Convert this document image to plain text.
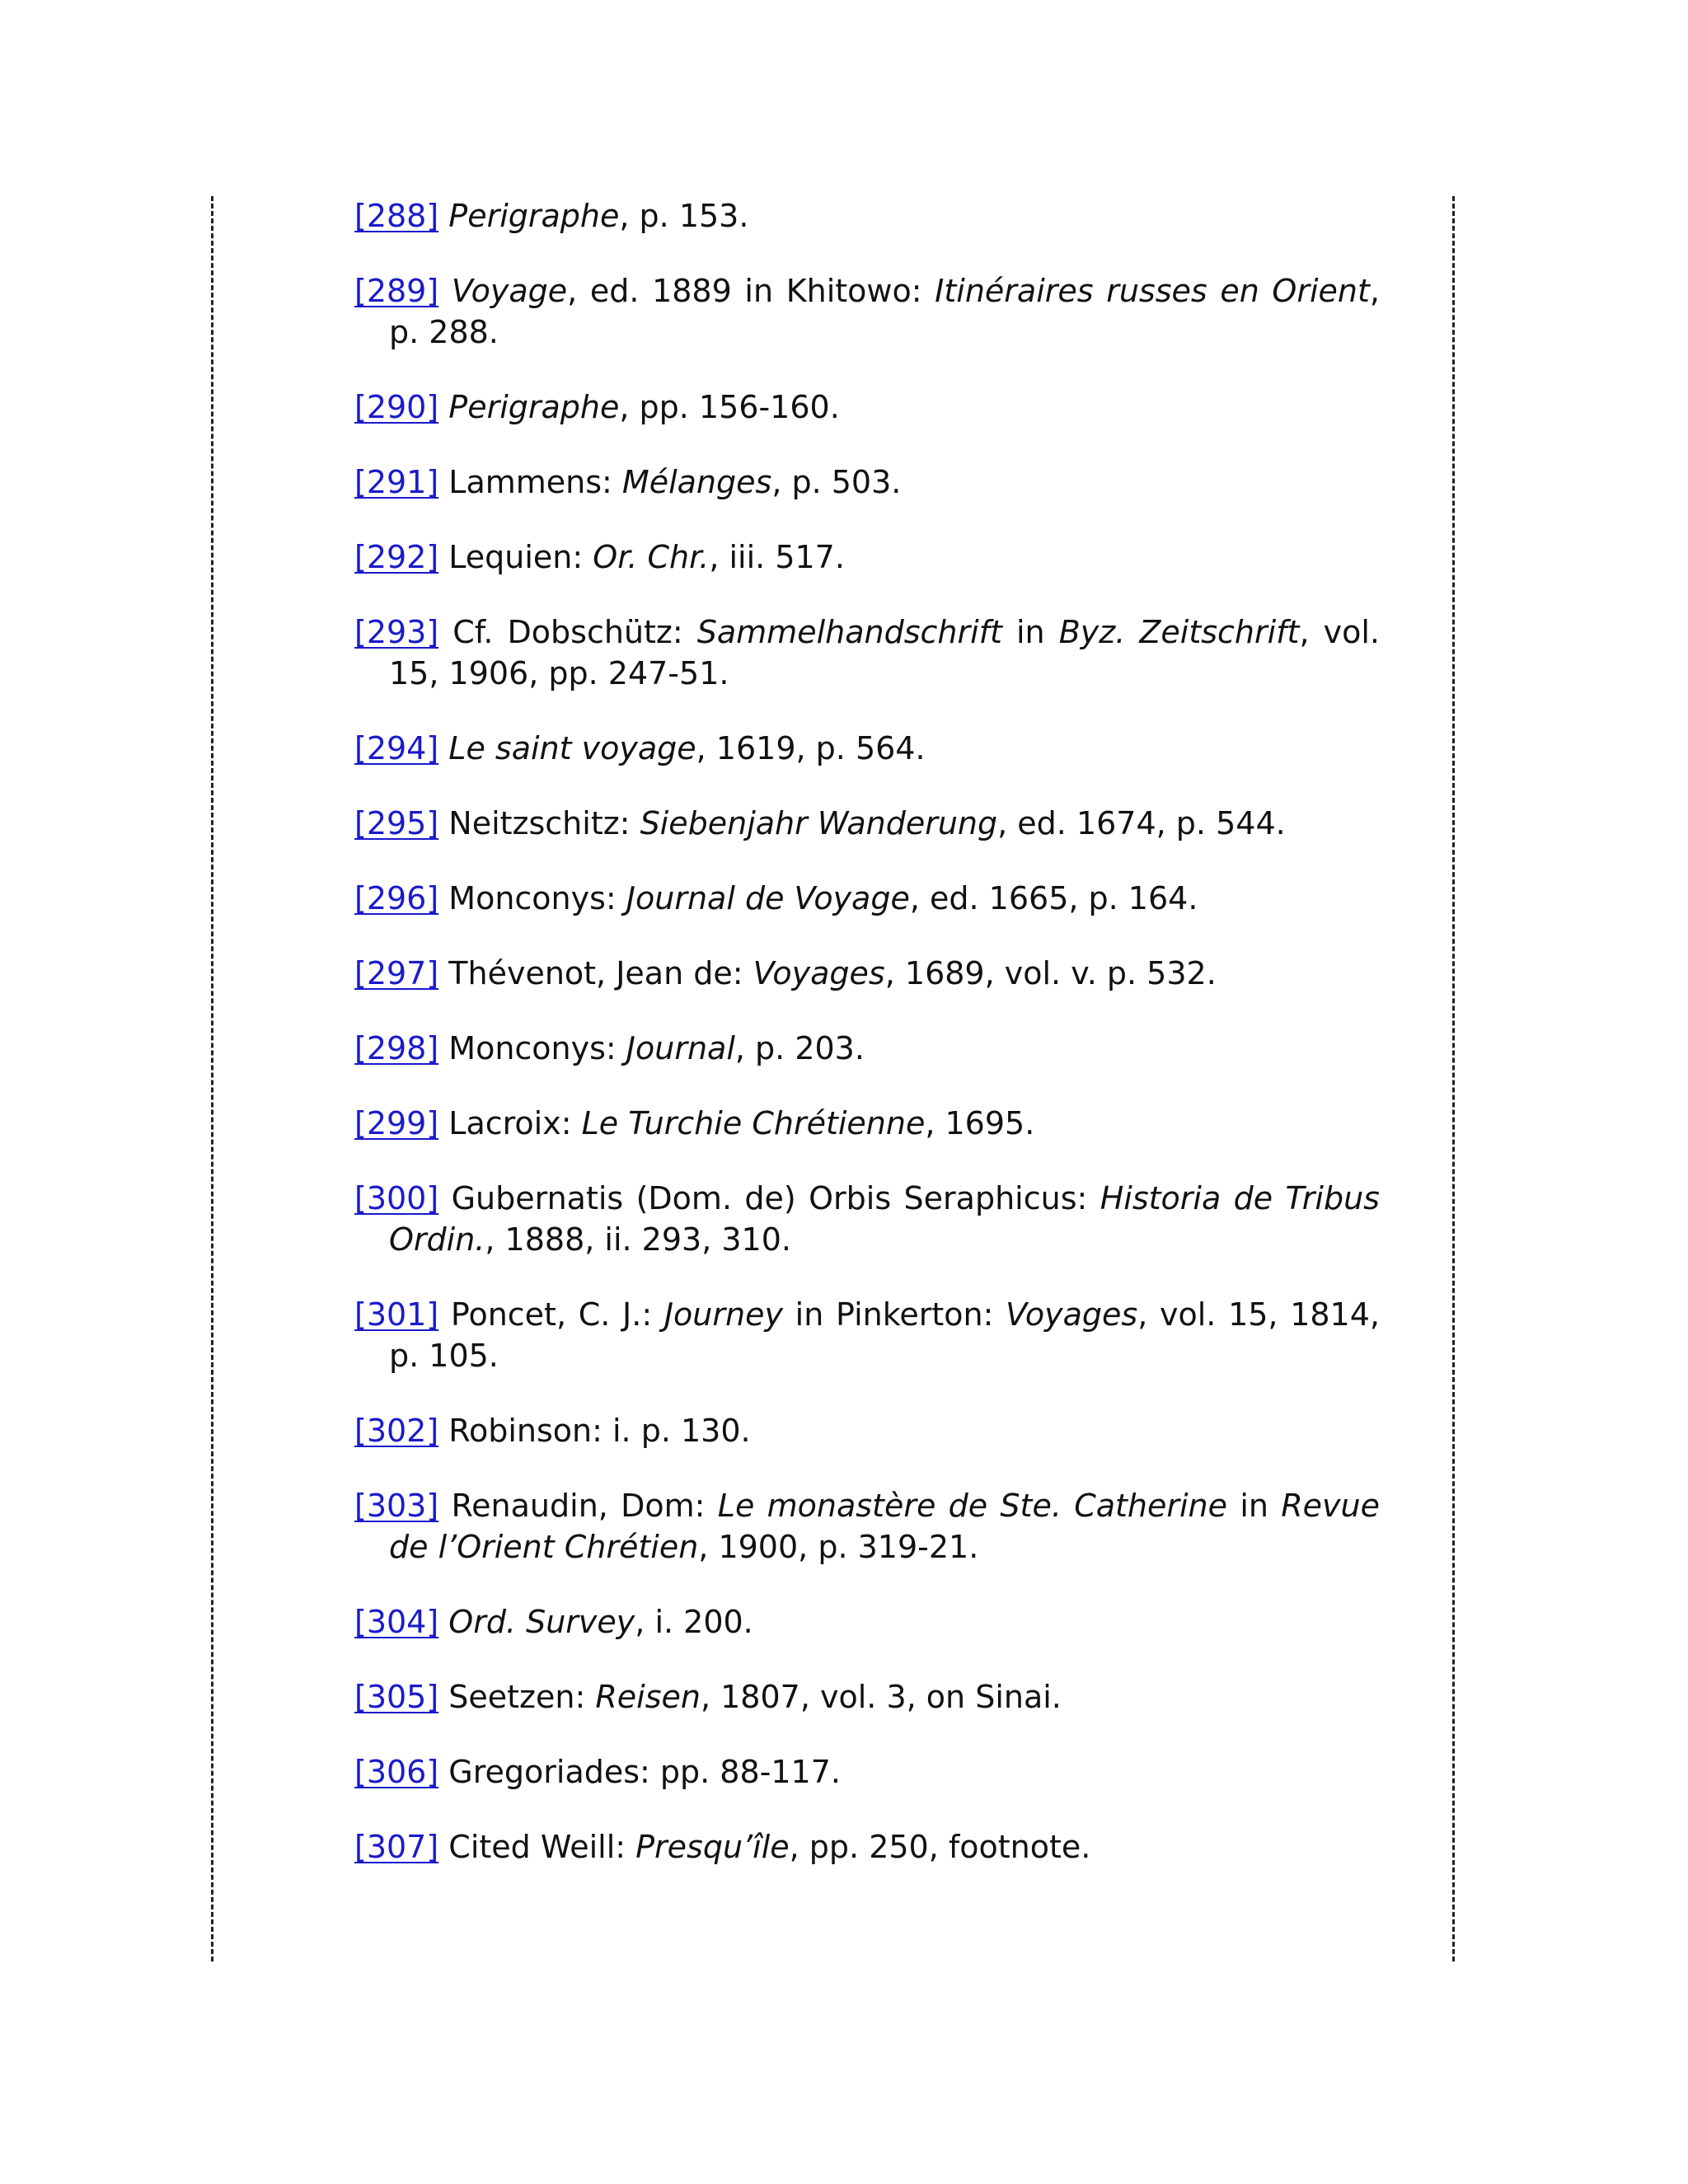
[288] Perigraphe, p. 153.

[289] Voyage, ed. 1889 in Khitowo: Itinéraires russes en Orient, p. 288.

[290] Perigraphe, pp. 156-160.

[291] Lammens: Mélanges, p. 503.

[292] Lequien: Or. Chr., iii. 517.

[293] Cf. Dobschütz: Sammelhandschrift in Byz. Zeitschrift, vol. 15, 1906, pp. 247-51.

[294] Le saint voyage, 1619, p. 564.

[295] Neitzschitz: Siebenjahr Wanderung, ed. 1674, p. 544.

[296] Monconys: Journal de Voyage, ed. 1665, p. 164.

[297] Thévenot, Jean de: Voyages, 1689, vol. v. p. 532.

[298] Monconys: Journal, p. 203.

[299] Lacroix: Le Turchie Chrétienne, 1695.

[300] Gubernatis (Dom. de) Orbis Seraphicus: Historia de Tribus Ordin., 1888, ii. 293, 310.

[301] Poncet, C. J.: Journey in Pinkerton: Voyages, vol. 15, 1814, p. 105.

[302] Robinson: i. p. 130.

[303] Renaudin, Dom: Le monastère de Ste. Catherine in Revue de l’Orient Chrétien, 1900, p. 319-21.

[304] Ord. Survey, i. 200.

[305] Seetzen: Reisen, 1807, vol. 3, on Sinai.

[306] Gregoriades: pp. 88-117.

[307] Cited Weill: Presqu’île, pp. 250, footnote.
